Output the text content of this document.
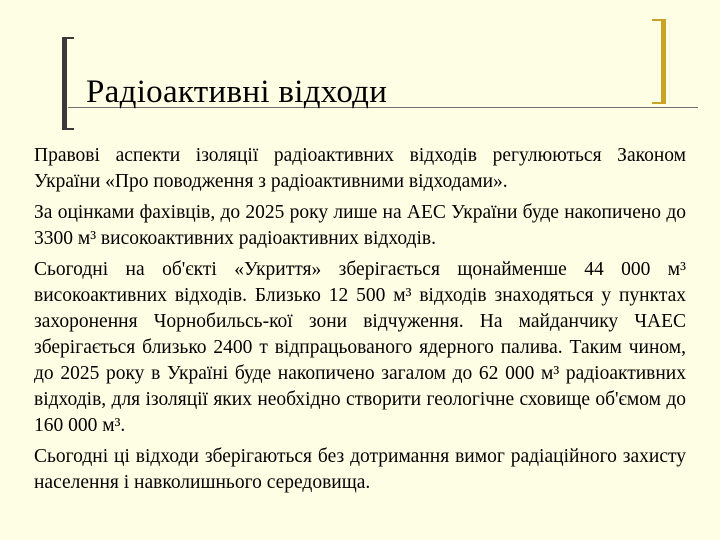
Радіоактивні відходи

Правові аспекти ізоляції радіоактивних відходів регулюються Законом України «Про поводження з радіоактивними відходами».

За оцінками фахівців, до 2025 року лише на АЕС України буде накопичено до 3300 м³ високоактивних радіоактивних відходів.

Сьогодні на об'єкті «Укриття» зберігається щонайменше 44 000 м³ високоактивних відходів. Близько 12 500 м³ відходів знаходяться у пунктах захоронення Чорнобильсь-кої зони відчуження. На майданчику ЧАЕС зберігається близько 2400 т відпрацьованого ядерного палива. Таким чином, до 2025 року в Україні буде накопичено загалом до 62 000 м³ радіоактивних відходів, для ізоляції яких необхідно створити геологічне сховище об'ємом до 160 000 м³.

Сьогодні ці відходи зберігаються без дотримання вимог радіаційного захисту населення і навколишнього середовища.
